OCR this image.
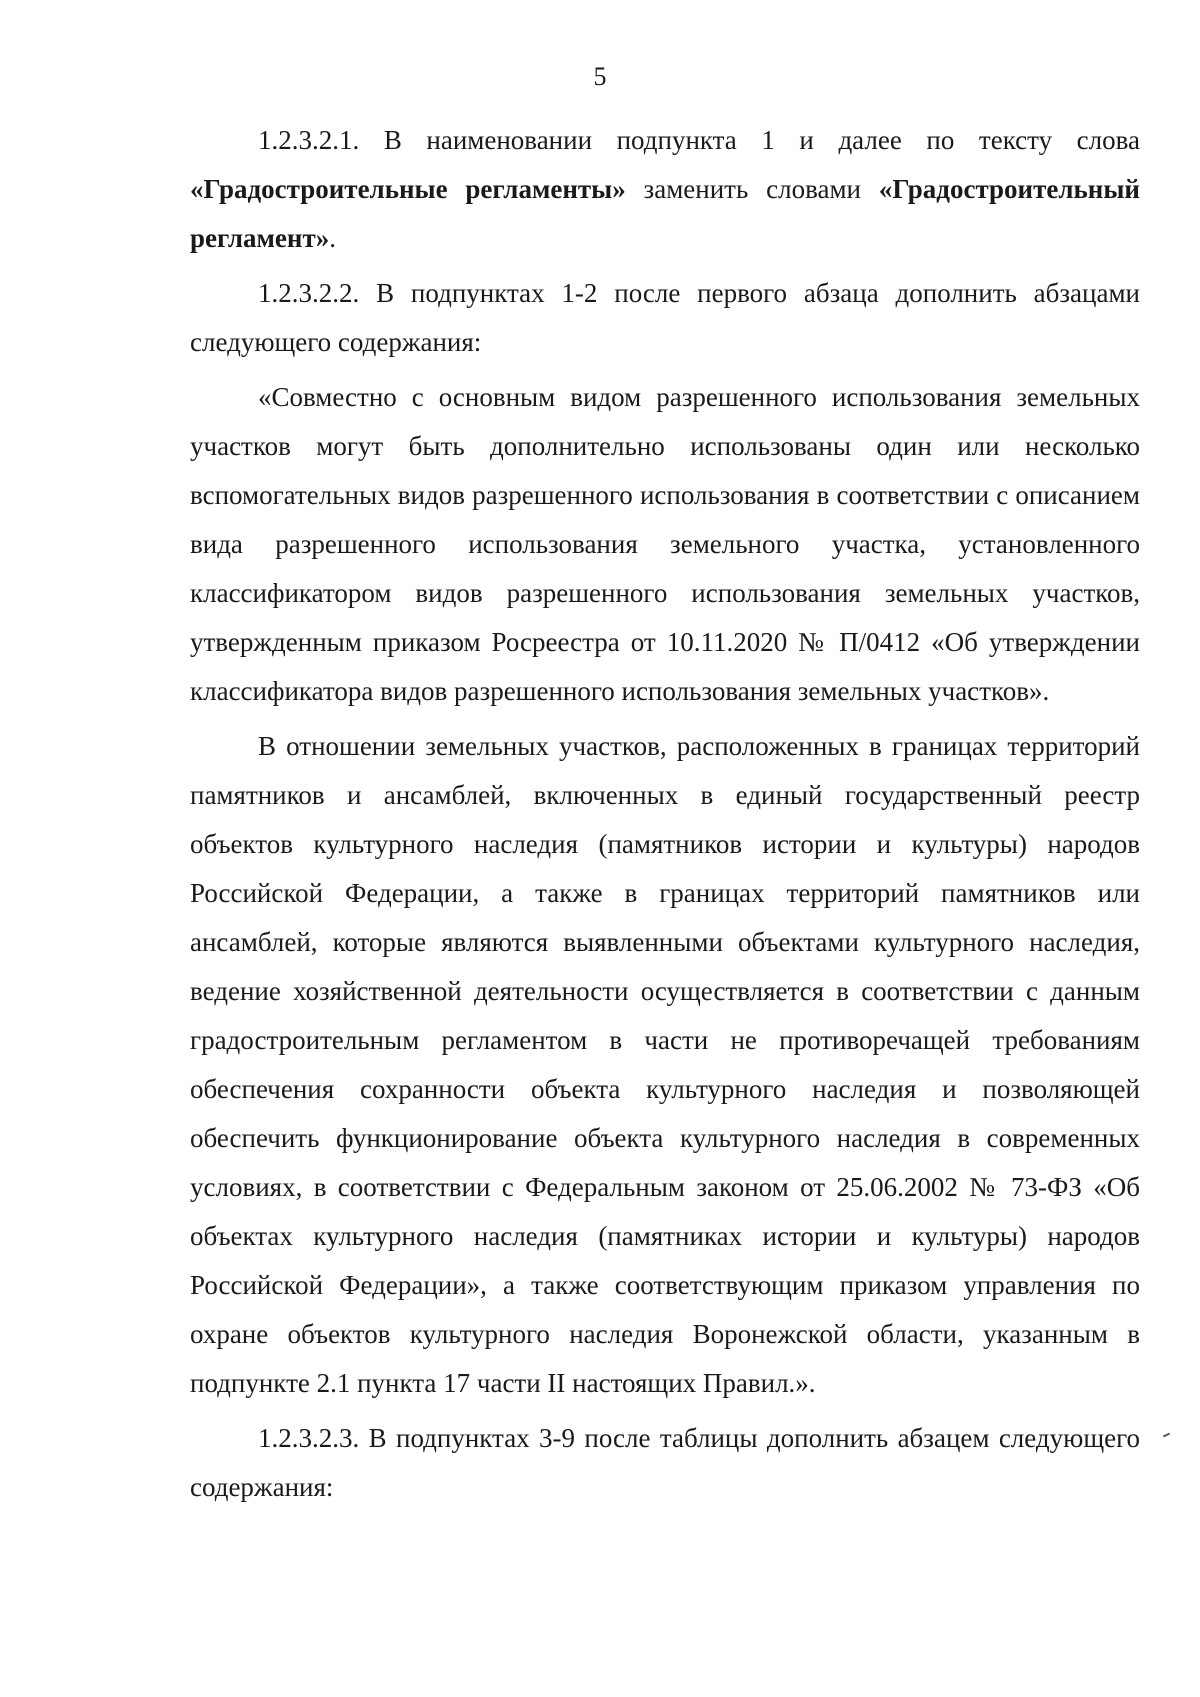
5

1.2.3.2.1. В наименовании подпункта 1 и далее по тексту слова «Градостроительные регламенты» заменить словами «Градостроительный регламент».

1.2.3.2.2. В подпунктах 1-2 после первого абзаца дополнить абзацами следующего содержания:

«Совместно с основным видом разрешенного использования земельных участков могут быть дополнительно использованы один или несколько вспомогательных видов разрешенного использования в соответствии с описанием вида разрешенного использования земельного участка, установленного классификатором видов разрешенного использования земельных участков, утвержденным приказом Росреестра от 10.11.2020 № П/0412 «Об утверждении классификатора видов разрешенного использования земельных участков».

В отношении земельных участков, расположенных в границах территорий памятников и ансамблей, включенных в единый государственный реестр объектов культурного наследия (памятников истории и культуры) народов Российской Федерации, а также в границах территорий памятников или ансамблей, которые являются выявленными объектами культурного наследия, ведение хозяйственной деятельности осуществляется в соответствии с данным градостроительным регламентом в части не противоречащей требованиям обеспечения сохранности объекта культурного наследия и позволяющей обеспечить функционирование объекта культурного наследия в современных условиях, в соответствии с Федеральным законом от 25.06.2002 № 73-ФЗ «Об объектах культурного наследия (памятниках истории и культуры) народов Российской Федерации», а также соответствующим приказом управления по охране объектов культурного наследия Воронежской области, указанным в подпункте 2.1 пункта 17 части II настоящих Правил.».

1.2.3.2.3. В подпунктах 3-9 после таблицы дополнить абзацем следующего содержания:
